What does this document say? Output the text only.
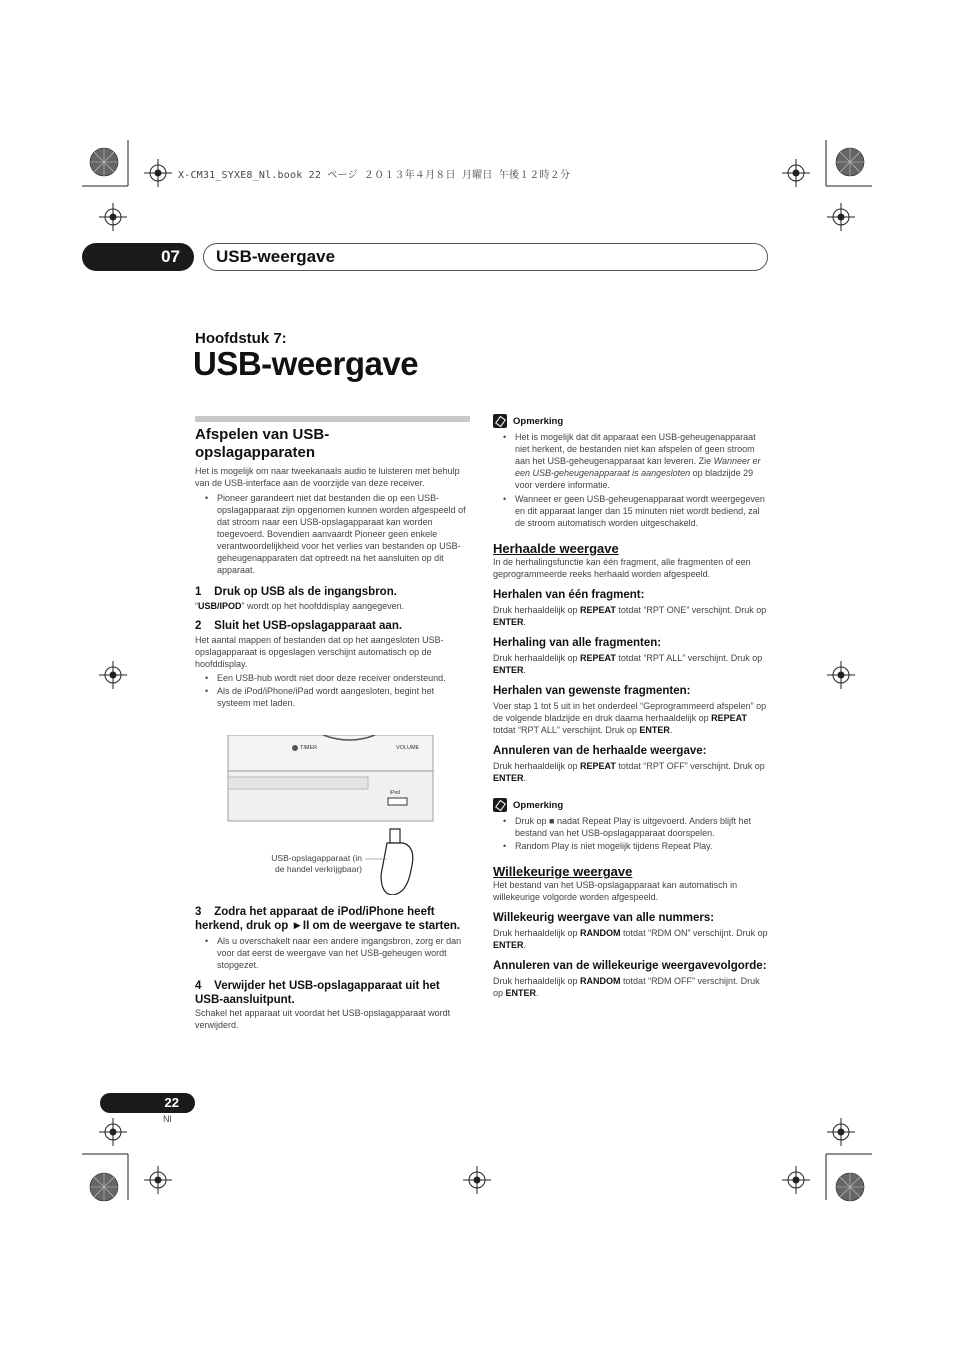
X-CM31_SYXE8_Nl.book 22 ページ ２０１３年４月８日 月曜日 午後１２時２分
07	USB-weergave
Hoofdstuk 7:
USB-weergave
Afspelen van USB-
opslagapparaten
Het is mogelijk om naar tweekanaals audio te luisteren met behulp van de USB-interface aan de voorzijde van deze receiver.
• Pioneer garandeert niet dat bestanden die op een USB-opslagapparaat zijn opgenomen kunnen worden afgespeeld of dat stroom naar een USB-opslagapparaat kan worden toegevoerd. Bovendien aanvaardt Pioneer geen enkele verantwoordelijkheid voor het verlies van bestanden op USB-geheugenapparaten dat optreedt na het aansluiten op dit apparaat.
1    Druk op USB als de ingangsbron.
“USB/IPOD” wordt op het hoofddisplay aangegeven.
2    Sluit het USB-opslagapparaat aan.
Het aantal mappen of bestanden dat op het aangesloten USB-opslagapparaat is opgeslagen verschijnt automatisch op de hoofddisplay.
• Een USB-hub wordt niet door deze receiver ondersteund.
• Als de iPod/iPhone/iPad wordt aangesloten, begint het systeem met laden.
TIMER	VOLUME
iPod
USB-opslagapparaat (in
de handel verkrijgbaar)
3    Zodra het apparaat de iPod/iPhone heeft herkend, druk op ►II om de weergave te starten.
• Als u overschakelt naar een andere ingangsbron, zorg er dan voor dat eerst de weergave van het USB-geheugen wordt stopgezet.
4    Verwijder het USB-opslagapparaat uit het USB-aansluitpunt.
Schakel het apparaat uit voordat het USB-opslagapparaat wordt verwijderd.
Opmerking
• Het is mogelijk dat dit apparaat een USB-geheugenapparaat niet herkent, de bestanden niet kan afspelen of geen stroom aan het USB-geheugenapparaat kan leveren. Zie Wanneer er een USB-geheugenapparaat is aangesloten op bladzijde 29 voor verdere informatie.
• Wanneer er geen USB-geheugenapparaat wordt weergegeven en dit apparaat langer dan 15 minuten niet wordt bediend, zal de stroom automatisch worden uitgeschakeld.
Herhaalde weergave
In de herhalingsfunctie kan één fragment, alle fragmenten of een geprogrammeerde reeks herhaald worden afgespeeld.
Herhalen van één fragment:
Druk herhaaldelijk op REPEAT totdat “RPT ONE” verschijnt. Druk op ENTER.
Herhaling van alle fragmenten:
Druk herhaaldelijk op REPEAT totdat “RPT ALL” verschijnt. Druk op ENTER.
Herhalen van gewenste fragmenten:
Voer stap 1 tot 5 uit in het onderdeel “Geprogrammeerd afspelen” op de volgende bladzijde en druk daarna herhaaldelijk op REPEAT totdat “RPT ALL” verschijnt. Druk op ENTER.
Annuleren van de herhaalde weergave:
Druk herhaaldelijk op REPEAT totdat “RPT OFF” verschijnt. Druk op ENTER.
Opmerking
• Druk op ■ nadat Repeat Play is uitgevoerd. Anders blijft het bestand van het USB-opslagapparaat doorspelen.
• Random Play is niet mogelijk tijdens Repeat Play.
Willekeurige weergave
Het bestand van het USB-opslagapparaat kan automatisch in willekeurige volgorde worden afgespeeld.
Willekeurig weergave van alle nummers:
Druk herhaaldelijk op RANDOM totdat “RDM ON” verschijnt. Druk op ENTER.
Annuleren van de willekeurige weergavevolgorde:
Druk herhaaldelijk op RANDOM totdat “RDM OFF” verschijnt. Druk op ENTER.
22
Nl
